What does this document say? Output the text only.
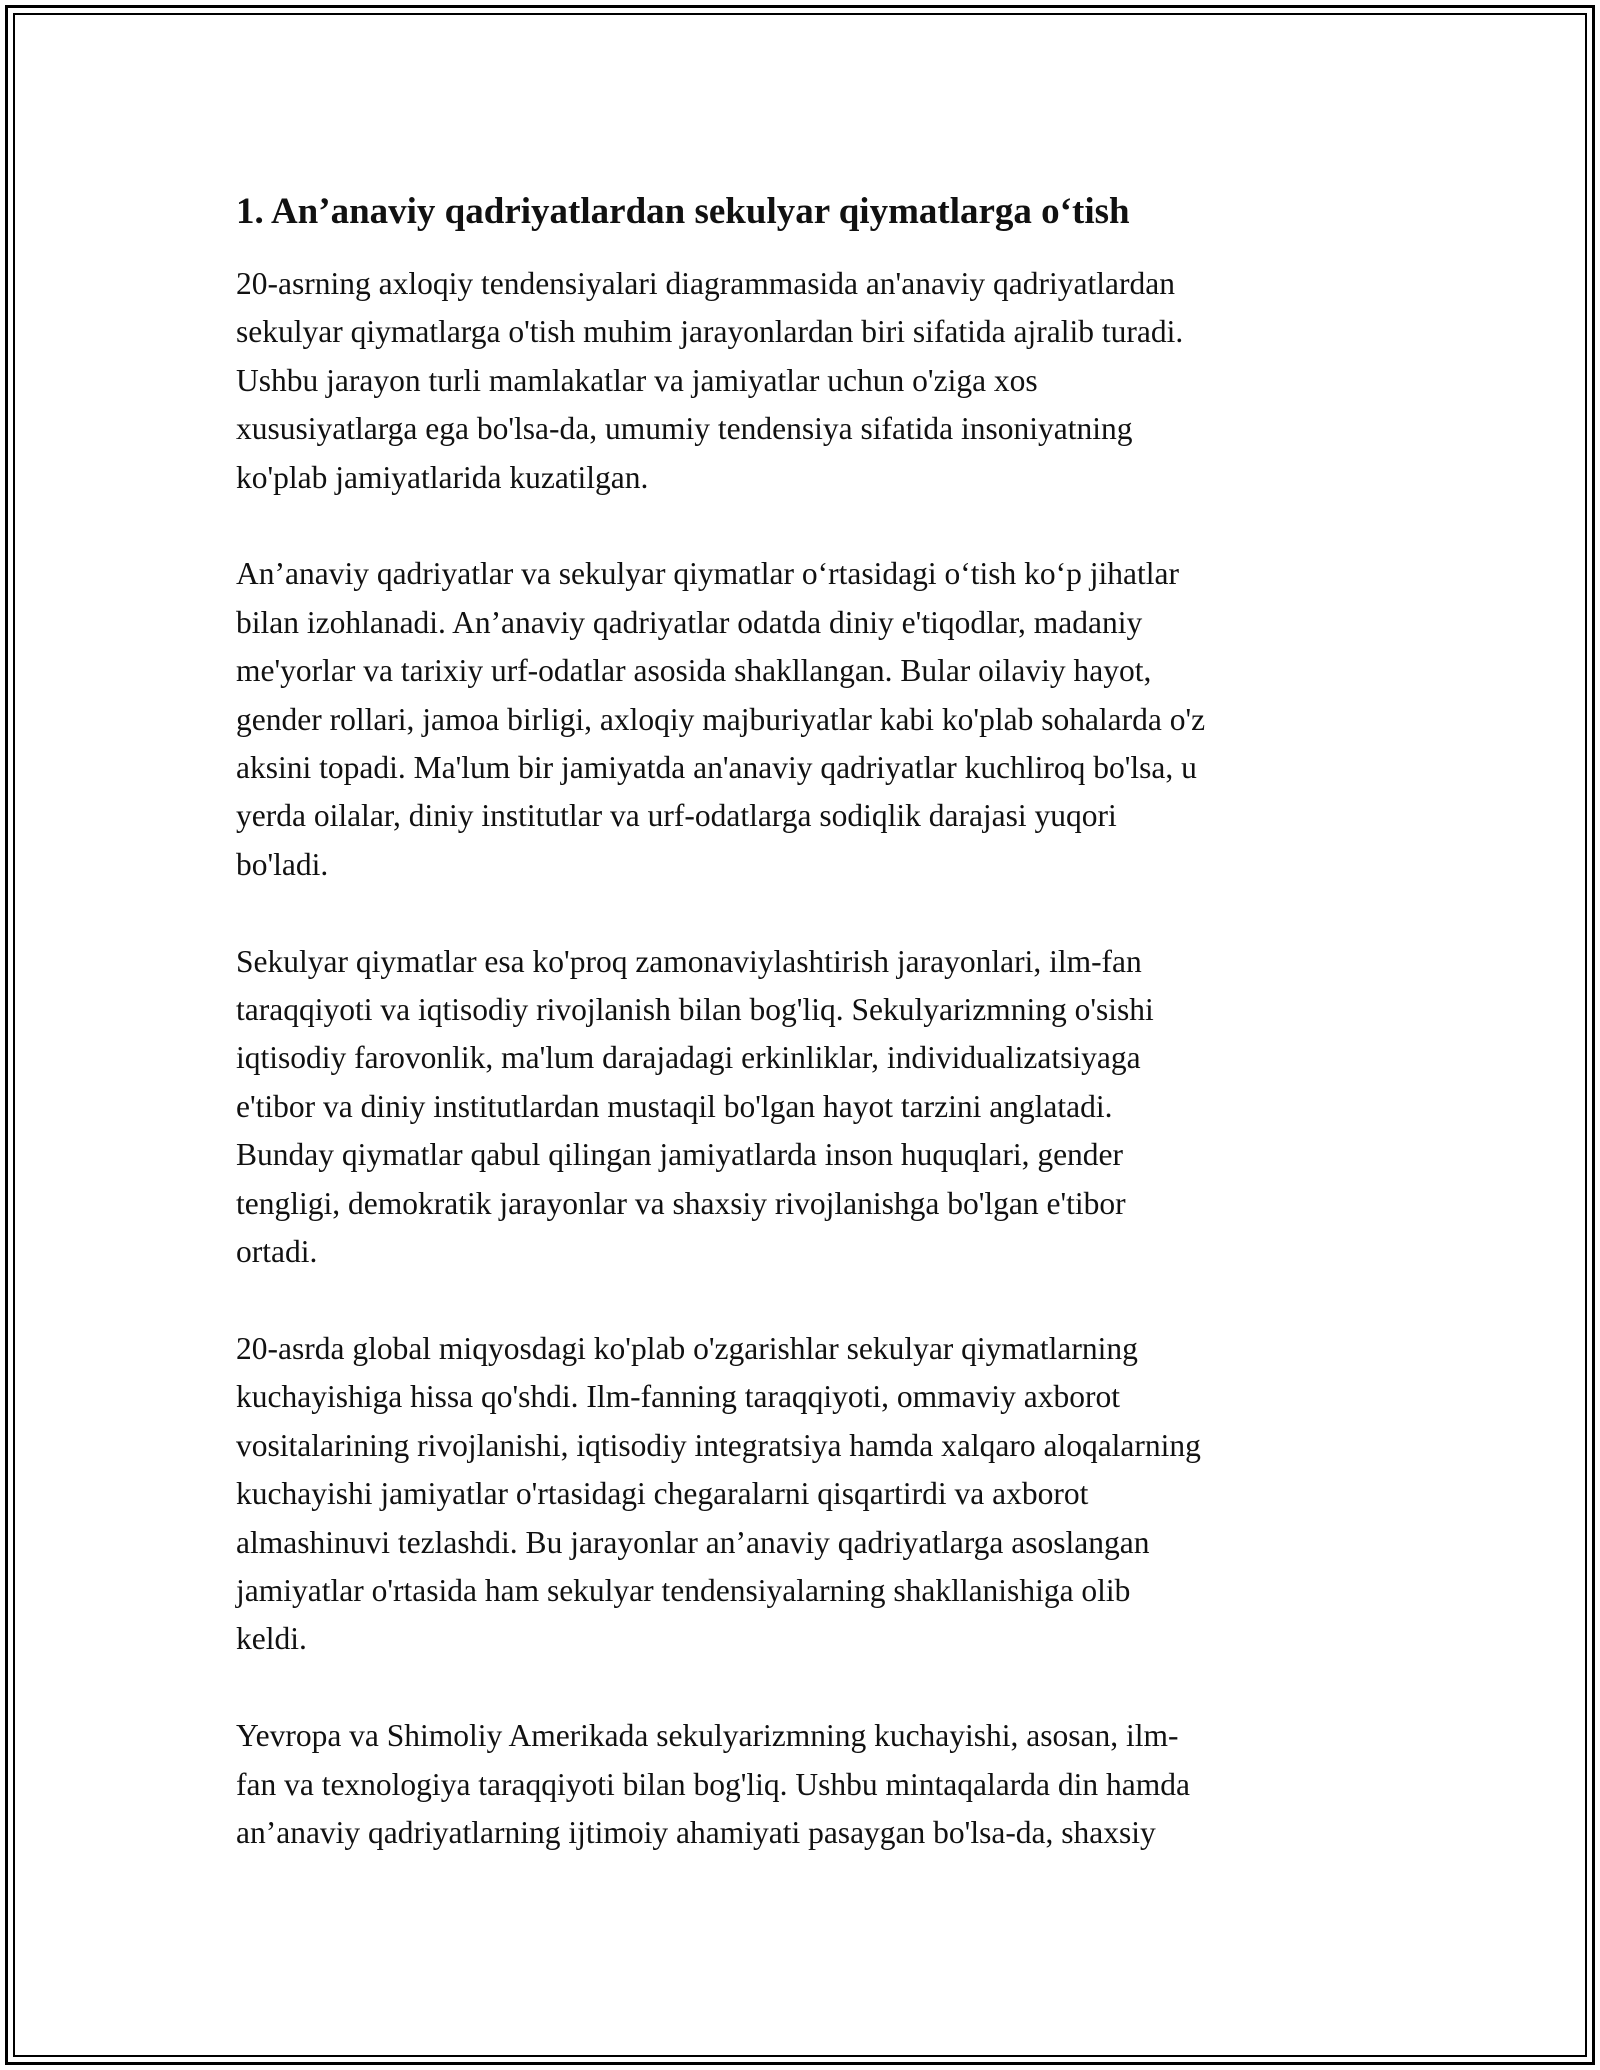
1. An’anaviy qadriyatlardan sekulyar qiymatlarga o‘tish

20-asrning axloqiy tendensiyalari diagrammasida an'anaviy qadriyatlardan
sekulyar qiymatlarga o'tish muhim jarayonlardan biri sifatida ajralib turadi.
Ushbu jarayon turli mamlakatlar va jamiyatlar uchun o'ziga xos
xususiyatlarga ega bo'lsa-da, umumiy tendensiya sifatida insoniyatning
ko'plab jamiyatlarida kuzatilgan.

An’anaviy qadriyatlar va sekulyar qiymatlar o‘rtasidagi o‘tish ko‘p jihatlar
bilan izohlanadi. An’anaviy qadriyatlar odatda diniy e'tiqodlar, madaniy
me'yorlar va tarixiy urf-odatlar asosida shakllangan. Bular oilaviy hayot,
gender rollari, jamoa birligi, axloqiy majburiyatlar kabi ko'plab sohalarda o'z
aksini topadi. Ma'lum bir jamiyatda an'anaviy qadriyatlar kuchliroq bo'lsa, u
yerda oilalar, diniy institutlar va urf-odatlarga sodiqlik darajasi yuqori
bo'ladi.

Sekulyar qiymatlar esa ko'proq zamonaviylashtirish jarayonlari, ilm-fan
taraqqiyoti va iqtisodiy rivojlanish bilan bog'liq. Sekulyarizmning o'sishi
iqtisodiy farovonlik, ma'lum darajadagi erkinliklar, individualizatsiyaga
e'tibor va diniy institutlardan mustaqil bo'lgan hayot tarzini anglatadi.
Bunday qiymatlar qabul qilingan jamiyatlarda inson huquqlari, gender
tengligi, demokratik jarayonlar va shaxsiy rivojlanishga bo'lgan e'tibor
ortadi.

20-asrda global miqyosdagi ko'plab o'zgarishlar sekulyar qiymatlarning
kuchayishiga hissa qo'shdi. Ilm-fanning taraqqiyoti, ommaviy axborot
vositalarining rivojlanishi, iqtisodiy integratsiya hamda xalqaro aloqalarning
kuchayishi jamiyatlar o'rtasidagi chegaralarni qisqartirdi va axborot
almashinuvi tezlashdi. Bu jarayonlar an’anaviy qadriyatlarga asoslangan
jamiyatlar o'rtasida ham sekulyar tendensiyalarning shakllanishiga olib
keldi.

Yevropa va Shimoliy Amerikada sekulyarizmning kuchayishi, asosan, ilm-
fan va texnologiya taraqqiyoti bilan bog'liq. Ushbu mintaqalarda din hamda
an’anaviy qadriyatlarning ijtimoiy ahamiyati pasaygan bo'lsa-da, shaxsiy
